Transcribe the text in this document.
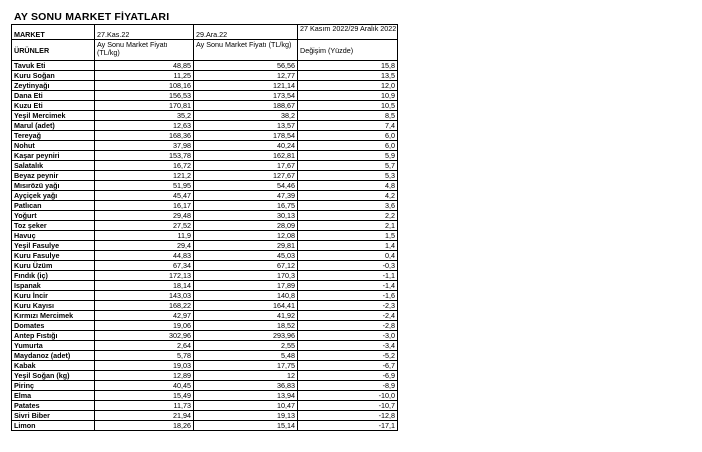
AY SONU MARKET FİYATLARI
MARKET	27.Kas.22	29.Ara.22	27 Kasım 2022/29 Aralık 2022
ÜRÜNLER	Ay Sonu Market Fiyatı (TL/kg)	Ay Sonu Market Fiyatı (TL/kg)	Değişim (Yüzde)
Tavuk Eti	48,85	56,56	15,8
Kuru Soğan	11,25	12,77	13,5
Zeytinyağı	108,16	121,14	12,0
Dana Eti	156,53	173,54	10,9
Kuzu Eti	170,81	188,67	10,5
Yeşil Mercimek	35,2	38,2	8,5
Marul (adet)	12,63	13,57	7,4
Tereyağ	168,36	178,54	6,0
Nohut	37,98	40,24	6,0
Kaşar peyniri	153,78	162,81	5,9
Salatalık	16,72	17,67	5,7
Beyaz peynir	121,2	127,67	5,3
Mısırözü yağı	51,95	54,46	4,8
Ayçiçek yağı	45,47	47,39	4,2
Patlıcan	16,17	16,75	3,6
Yoğurt	29,48	30,13	2,2
Toz şeker	27,52	28,09	2,1
Havuç	11,9	12,08	1,5
Yeşil Fasulye	29,4	29,81	1,4
Kuru Fasulye	44,83	45,03	0,4
Kuru Üzüm	67,34	67,12	-0,3
Fındık (iç)	172,13	170,3	-1,1
Ispanak	18,14	17,89	-1,4
Kuru İncir	143,03	140,8	-1,6
Kuru Kayısı	168,22	164,41	-2,3
Kırmızı Mercimek	42,97	41,92	-2,4
Domates	19,06	18,52	-2,8
Antep Fıstığı	302,96	293,96	-3,0
Yumurta	2,64	2,55	-3,4
Maydanoz (adet)	5,78	5,48	-5,2
Kabak	19,03	17,75	-6,7
Yeşil Soğan (kg)	12,89	12	-6,9
Pirinç	40,45	36,83	-8,9
Elma	15,49	13,94	-10,0
Patates	11,73	10,47	-10,7
Sivri Biber	21,94	19,13	-12,8
Limon	18,26	15,14	-17,1
